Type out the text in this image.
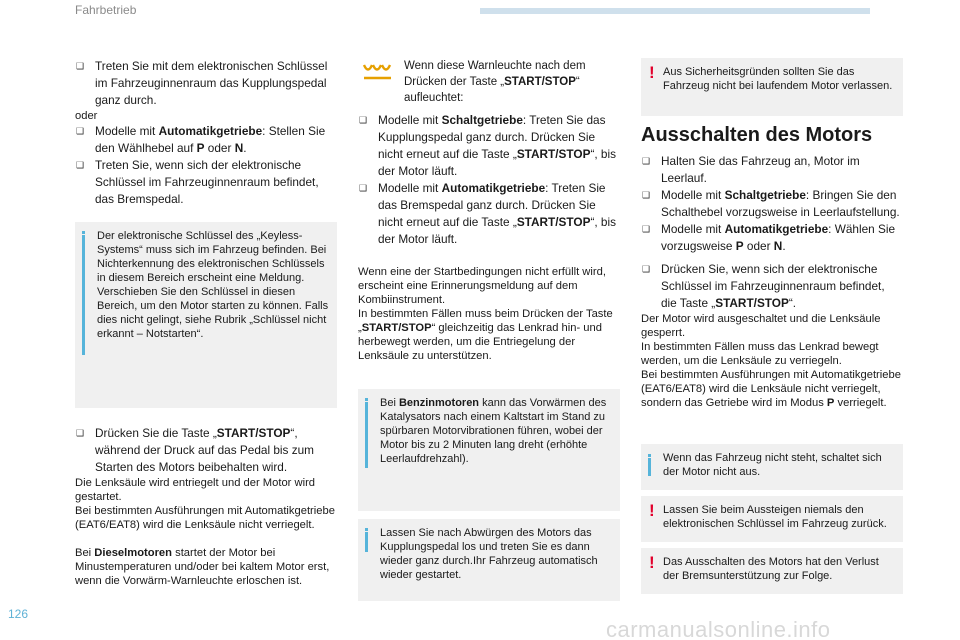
Fahrbetrieb
126
carmanualsonline.info
❑ Treten Sie mit dem elektronischen Schlüssel im Fahrzeuginnenraum das Kupplungspedal ganz durch.
oder
❑ Modelle mit Automatikgetriebe: Stellen Sie den Wählhebel auf P oder N.
❑ Treten Sie, wenn sich der elektronische Schlüssel im Fahrzeuginnenraum befindet, das Bremspedal.
Der elektronische Schlüssel des „Keyless-Systems“ muss sich im Fahrzeug befinden. Bei Nichterkennung des elektronischen Schlüssels in diesem Bereich erscheint eine Meldung. Verschieben Sie den Schlüssel in diesen Bereich, um den Motor starten zu können. Falls dies nicht gelingt, siehe Rubrik „Schlüssel nicht erkannt – Notstarten“.
❑ Drücken Sie die Taste „START/STOP“, während der Druck auf das Pedal bis zum Starten des Motors beibehalten wird.
Die Lenksäule wird entriegelt und der Motor wird gestartet.
Bei bestimmten Ausführungen mit Automatikgetriebe (EAT6/EAT8) wird die Lenksäule nicht verriegelt.
Bei Dieselmotoren startet der Motor bei Minustemperaturen und/oder bei kaltem Motor erst, wenn die Vorwärm-Warnleuchte erloschen ist.
Wenn diese Warnleuchte nach dem Drücken der Taste „START/STOP“ aufleuchtet:
❑ Modelle mit Schaltgetriebe: Treten Sie das Kupplungspedal ganz durch. Drücken Sie nicht erneut auf die Taste „START/STOP“, bis der Motor läuft.
❑ Modelle mit Automatikgetriebe: Treten Sie das Bremspedal ganz durch. Drücken Sie nicht erneut auf die Taste „START/STOP“, bis der Motor läuft.
Wenn eine der Startbedingungen nicht erfüllt wird, erscheint eine Erinnerungsmeldung auf dem Kombiinstrument.
In bestimmten Fällen muss beim Drücken der Taste „START/STOP“ gleichzeitig das Lenkrad hin- und herbewegt werden, um die Entriegelung der Lenksäule zu unterstützen.
Bei Benzinmotoren kann das Vorwärmen des Katalysators nach einem Kaltstart im Stand zu spürbaren Motorvibrationen führen, wobei der Motor bis zu 2 Minuten lang dreht (erhöhte Leerlaufdrehzahl).
Lassen Sie nach Abwürgen des Motors das Kupplungspedal los und treten Sie es dann wieder ganz durch.Ihr Fahrzeug automatisch wieder gestartet.
! Aus Sicherheitsgründen sollten Sie das Fahrzeug nicht bei laufendem Motor verlassen.
Ausschalten des Motors
❑ Halten Sie das Fahrzeug an, Motor im Leerlauf.
❑ Modelle mit Schaltgetriebe: Bringen Sie den Schalthebel vorzugsweise in Leerlaufstellung.
❑ Modelle mit Automatikgetriebe: Wählen Sie vorzugsweise P oder N.
❑ Drücken Sie, wenn sich der elektronische Schlüssel im Fahrzeuginnenraum befindet, die Taste „START/STOP“.
Der Motor wird ausgeschaltet und die Lenksäule gesperrt.
In bestimmten Fällen muss das Lenkrad bewegt werden, um die Lenksäule zu verriegeln.
Bei bestimmten Ausführungen mit Automatikgetriebe (EAT6/EAT8) wird die Lenksäule nicht verriegelt, sondern das Getriebe wird im Modus P verriegelt.
Wenn das Fahrzeug nicht steht, schaltet sich der Motor nicht aus.
! Lassen Sie beim Aussteigen niemals den elektronischen Schlüssel im Fahrzeug zurück.
! Das Ausschalten des Motors hat den Verlust der Bremsunterstützung zur Folge.
